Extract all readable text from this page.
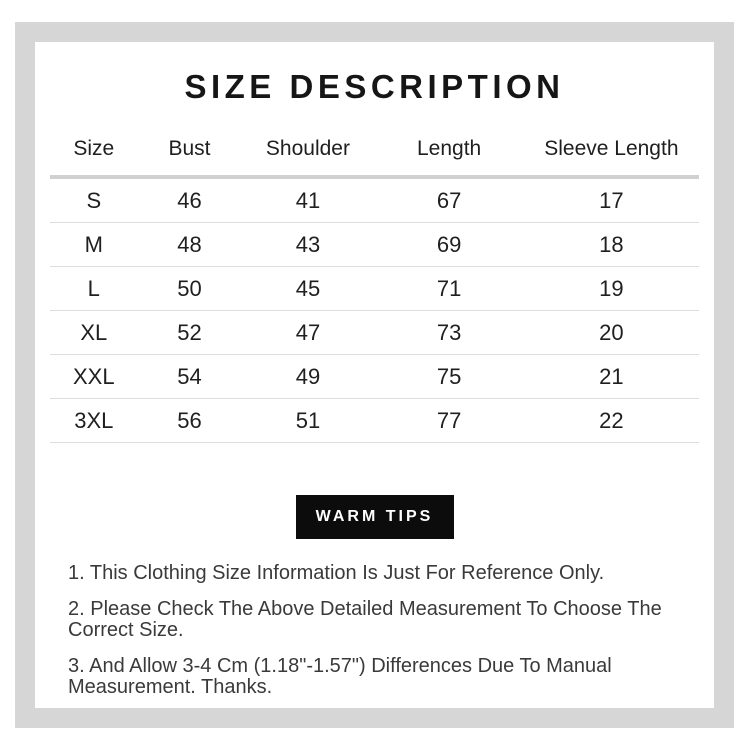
SIZE DESCRIPTION
Size	Bust	Shoulder	Length	Sleeve Length
S	46	41	67	17
M	48	43	69	18
L	50	45	71	19
XL	52	47	73	20
XXL	54	49	75	21
3XL	56	51	77	22
WARM TIPS

1. This Clothing Size Information Is Just For Reference Only.

2. Please Check The Above Detailed Measurement To Choose The Correct Size.

3. And Allow 3-4 Cm (1.18"-1.57") Differences Due To Manual Measurement. Thanks.
